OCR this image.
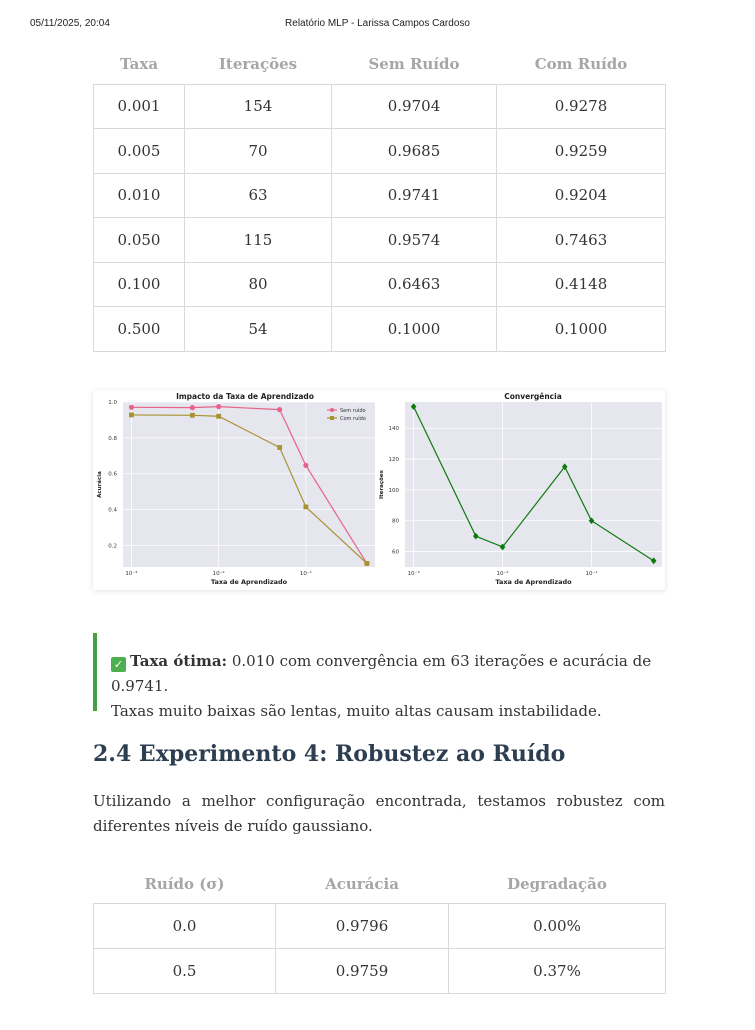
05/11/2025, 20:04	Relatório MLP - Larissa Campos Cardoso
Taxa	Iterações	Sem Ruído	Com Ruído
0.001	154	0.9704	0.9278
0.005	70	0.9685	0.9259
0.010	63	0.9741	0.9204
0.050	115	0.9574	0.7463
0.100	80	0.6463	0.4148
0.500	54	0.1000	0.1000
0.2
0.4
0.6
0.8
1.0
10⁻³	10⁻²	10⁻¹
Impacto da Taxa de Aprendizado
Taxa de Aprendizado
Acurácia
Sem ruído
Com ruído
60
80
100
120
140
10⁻³	10⁻²	10⁻¹
Convergência
Taxa de Aprendizado
Iterações
✓ Taxa ótima: 0.010 com convergência em 63 iterações e acurácia de 0.9741.
Taxas muito baixas são lentas, muito altas causam instabilidade.
2.4 Experimento 4: Robustez ao Ruído

Utilizando a melhor configuração encontrada, testamos robustez com diferentes níveis de ruído gaussiano.

Ruído (σ)	Acurácia	Degradação
0.0	0.9796	0.00%
0.5	0.9759	0.37%
